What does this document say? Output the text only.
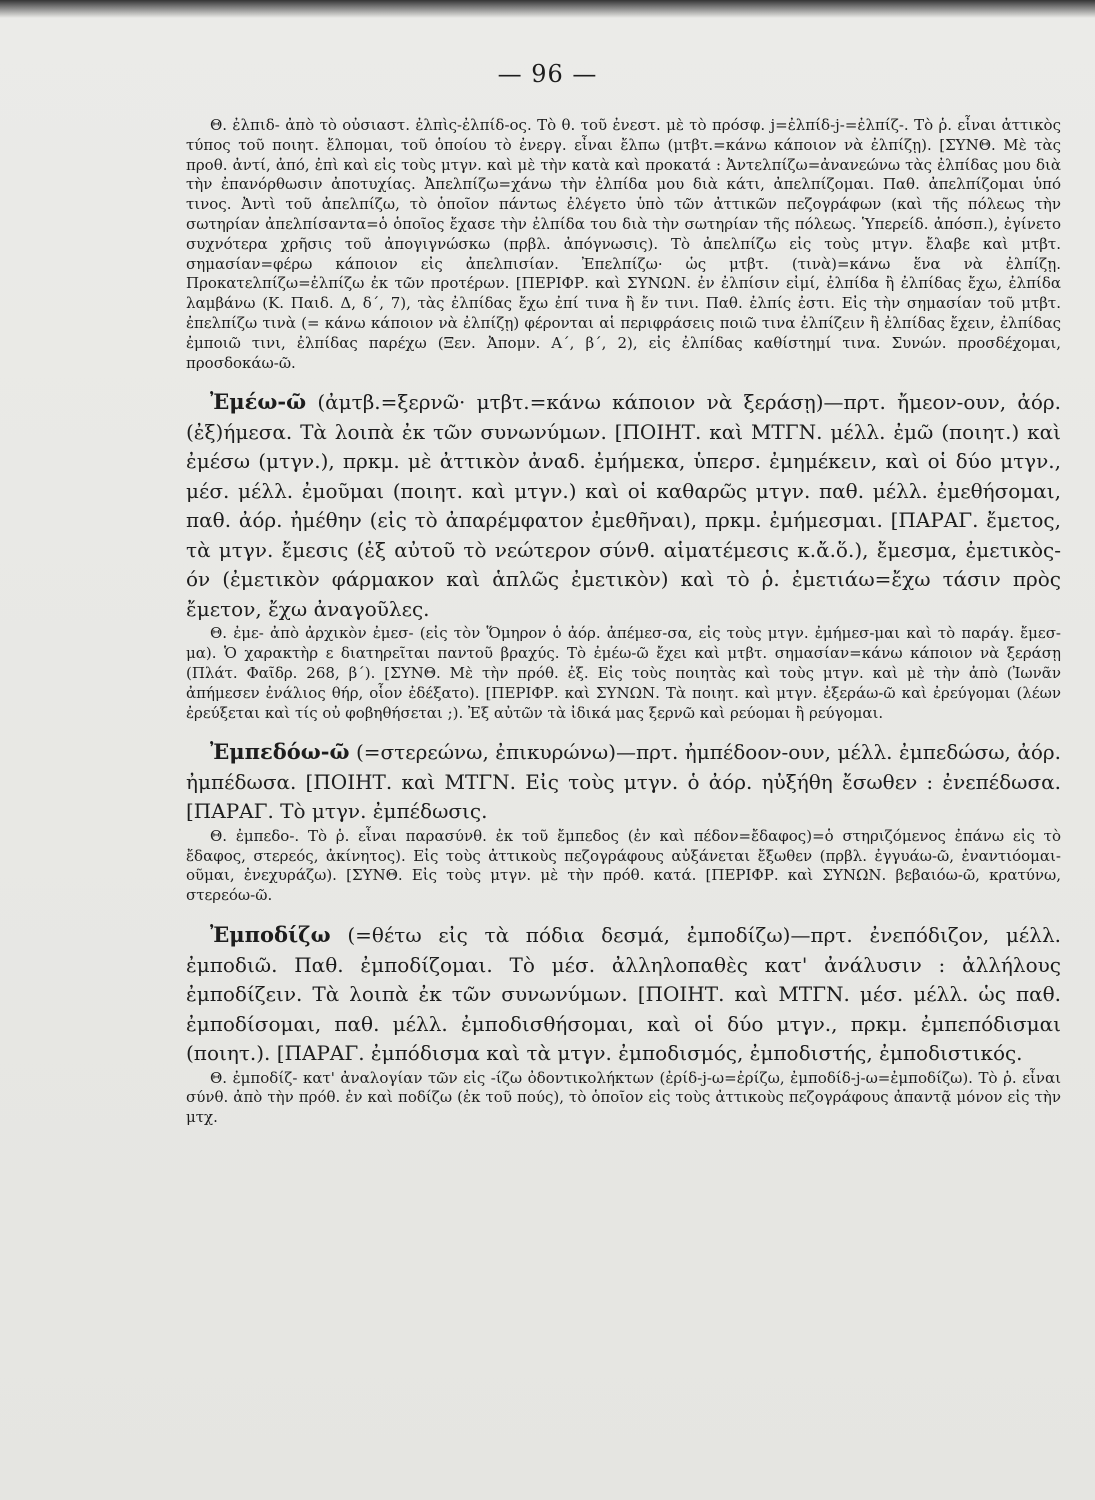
— 96 —

Θ. ἐλπιδ- ἀπὸ τὸ οὐσιαστ. ἐλπὶς-ἐλπίδ-ος. Τὸ θ. τοῦ ἐνεστ. μὲ τὸ πρόσφ. j=ἐλπίδ-j-=ἐλπίζ-. Τὸ ῥ. εἶναι ἀττικὸς τύπος τοῦ ποιητ. ἔλπομαι, τοῦ ὁποίου τὸ ἐνεργ. εἶναι ἔλπω (μτβτ.=κάνω κάποιον νὰ ἐλπίζῃ). [ΣΥΝΘ. Μὲ τὰς προθ. ἀντί, ἀπό, ἐπὶ καὶ εἰς τοὺς μτγν. καὶ μὲ τὴν κατὰ καὶ προκατά : Ἀντελπίζω=ἀνανεώνω τὰς ἐλπίδας μου διὰ τὴν ἐπανόρθωσιν ἀποτυχίας. Ἀπελπίζω=χάνω τὴν ἐλπίδα μου διὰ κάτι, ἀπελπίζομαι. Παθ. ἀπελπίζομαι ὑπό τινος. Ἀντὶ τοῦ ἀπελπίζω, τὸ ὁποῖον πάντως ἐλέγετο ὑπὸ τῶν ἀττικῶν πεζογράφων (καὶ τῆς πόλεως τὴν σωτηρίαν ἀπελπίσαντα=ὁ ὁποῖος ἔχασε τὴν ἐλπίδα του διὰ τὴν σωτηρίαν τῆς πόλεως. Ὑπερείδ. ἀπόσπ.), ἐγίνετο συχνότερα χρῆσις τοῦ ἀπογιγνώσκω (πρβλ. ἀπόγνωσις). Τὸ ἀπελπίζω εἰς τοὺς μτγν. ἔλαβε καὶ μτβτ. σημασίαν=φέρω κάποιον εἰς ἀπελπισίαν. Ἐπελπίζω· ὡς μτβτ. (τινὰ)=κάνω ἕνα νὰ ἐλπίζῃ. Προκατελπίζω=ἐλπίζω ἐκ τῶν προτέρων. [ΠΕΡΙΦΡ. καὶ ΣΥΝΩΝ. ἐν ἐλπίσιν εἰμί, ἐλπίδα ἢ ἐλπίδας ἔχω, ἐλπίδα λαμβάνω (Κ. Παιδ. Δ, δ΄, 7), τὰς ἐλπίδας ἔχω ἐπί τινα ἢ ἔν τινι. Παθ. ἐλπίς ἐστι. Εἰς τὴν σημασίαν τοῦ μτβτ. ἐπελπίζω τινὰ (= κάνω κάποιον νὰ ἐλπίζῃ) φέρονται αἱ περιφράσεις ποιῶ τινα ἐλπίζειν ἢ ἐλπίδας ἔχειν, ἐλπίδας ἐμποιῶ τινι, ἐλπίδας παρέχω (Ξεν. Ἀπομν. Α΄, β΄, 2), εἰς ἐλπίδας καθίστημί τινα. Συνών. προσδέχομαι, προσδοκάω-ῶ.

Ἐμέω-ῶ (ἀμτβ.=ξερνῶ· μτβτ.=κάνω κάποιον νὰ ξεράσῃ)—πρτ. ἤμεον-ουν, ἀόρ. (ἐξ)ήμεσα. Τὰ λοιπὰ ἐκ τῶν συνωνύμων. [ΠΟΙΗΤ. καὶ ΜΤΓΝ. μέλλ. ἐμῶ (ποιητ.) καὶ ἐμέσω (μτγν.), πρκμ. μὲ ἀττικὸν ἀναδ. ἐμήμεκα, ὑπερσ. ἐμημέκειν, καὶ οἱ δύο μτγν., μέσ. μέλλ. ἐμοῦμαι (ποιητ. καὶ μτγν.) καὶ οἱ καθαρῶς μτγν. παθ. μέλλ. ἐμεθήσομαι, παθ. ἀόρ. ἠμέθην (εἰς τὸ ἀπαρέμφατον ἐμεθῆναι), πρκμ. ἐμήμεσμαι. [ΠΑΡΑΓ. ἔμετος, τὰ μτγν. ἔμεσις (ἐξ αὐτοῦ τὸ νεώτερον σύνθ. αἱματέμεσις κ.ἄ.ὅ.), ἔμεσμα, ἐμετικὸς-όν (ἐμετικὸν φάρμακον καὶ ἁπλῶς ἐμετικὸν) καὶ τὸ ῥ. ἐμετιάω=ἔχω τάσιν πρὸς ἔμετον, ἔχω ἀναγοῦλες.

Θ. ἐμε- ἀπὸ ἀρχικὸν ἐμεσ- (εἰς τὸν Ὅμηρον ὁ ἀόρ. ἀπέμεσ-σα, εἰς τοὺς μτγν. ἐμήμεσ-μαι καὶ τὸ παράγ. ἔμεσ-μα). Ὁ χαρακτὴρ ε διατηρεῖται παντοῦ βραχύς. Τὸ ἐμέω-ῶ ἔχει καὶ μτβτ. σημασίαν=κάνω κάποιον νὰ ξεράσῃ (Πλάτ. Φαῖδρ. 268, β΄). [ΣΥΝΘ. Μὲ τὴν πρόθ. ἐξ. Εἰς τοὺς ποιητὰς καὶ τοὺς μτγν. καὶ μὲ τὴν ἀπὸ (Ἰωνᾶν ἀπήμεσεν ἐνάλιος θήρ, οἷον ἐδέξατο). [ΠΕΡΙΦΡ. καὶ ΣΥΝΩΝ. Τὰ ποιητ. καὶ μτγν. ἐξεράω-ῶ καὶ ἐρεύγομαι (λέων ἐρεύξεται καὶ τίς οὐ φοβηθήσεται ;). Ἐξ αὐτῶν τὰ ἰδικά μας ξερνῶ καὶ ρεύομαι ἢ ρεύγομαι.

Ἐμπεδόω-ῶ (=στερεώνω, ἐπικυρώνω)—πρτ. ἠμπέδοον-ουν, μέλλ. ἐμπεδώσω, ἀόρ. ἠμπέδωσα. [ΠΟΙΗΤ. καὶ ΜΤΓΝ. Εἰς τοὺς μτγν. ὁ ἀόρ. ηὐξήθη ἔσωθεν : ἐνεπέδωσα. [ΠΑΡΑΓ. Τὸ μτγν. ἐμπέδωσις.

Θ. ἐμπεδο-. Τὸ ῥ. εἶναι παρασύνθ. ἐκ τοῦ ἔμπεδος (ἐν καὶ πέδον=ἔδαφος)=ὁ στηριζόμενος ἐπάνω εἰς τὸ ἔδαφος, στερεός, ἀκίνητος). Εἰς τοὺς ἀττικοὺς πεζογράφους αὐξάνεται ἔξωθεν (πρβλ. ἐγγυάω-ῶ, ἐναντιόομαι-οῦμαι, ἐνεχυράζω). [ΣΥΝΘ. Εἰς τοὺς μτγν. μὲ τὴν πρόθ. κατά. [ΠΕΡΙΦΡ. καὶ ΣΥΝΩΝ. βεβαιόω-ῶ, κρατύνω, στερεόω-ῶ.

Ἐμποδίζω (=θέτω εἰς τὰ πόδια δεσμά, ἐμποδίζω)—πρτ. ἐνεπόδιζον, μέλλ. ἐμποδιῶ. Παθ. ἐμποδίζομαι. Τὸ μέσ. ἀλληλοπαθὲς κατ' ἀνάλυσιν : ἀλλήλους ἐμποδίζειν. Τὰ λοιπὰ ἐκ τῶν συνωνύμων. [ΠΟΙΗΤ. καὶ ΜΤΓΝ. μέσ. μέλλ. ὡς παθ. ἐμποδίσομαι, παθ. μέλλ. ἐμποδισθήσομαι, καὶ οἱ δύο μτγν., πρκμ. ἐμπεπόδισμαι (ποιητ.). [ΠΑΡΑΓ. ἐμπόδισμα καὶ τὰ μτγν. ἐμποδισμός, ἐμποδιστής, ἐμποδιστικός.

Θ. ἐμποδίζ- κατ' ἀναλογίαν τῶν εἰς -ίζω ὀδοντικολήκτων (ἐρίδ-j-ω=ἐρίζω, ἐμποδίδ-j-ω=ἐμποδίζω). Τὸ ῥ. εἶναι σύνθ. ἀπὸ τὴν πρόθ. ἐν καὶ ποδίζω (ἐκ τοῦ πούς), τὸ ὁποῖον εἰς τοὺς ἀττικοὺς πεζογράφους ἀπαντᾷ μόνον εἰς τὴν μτχ.
